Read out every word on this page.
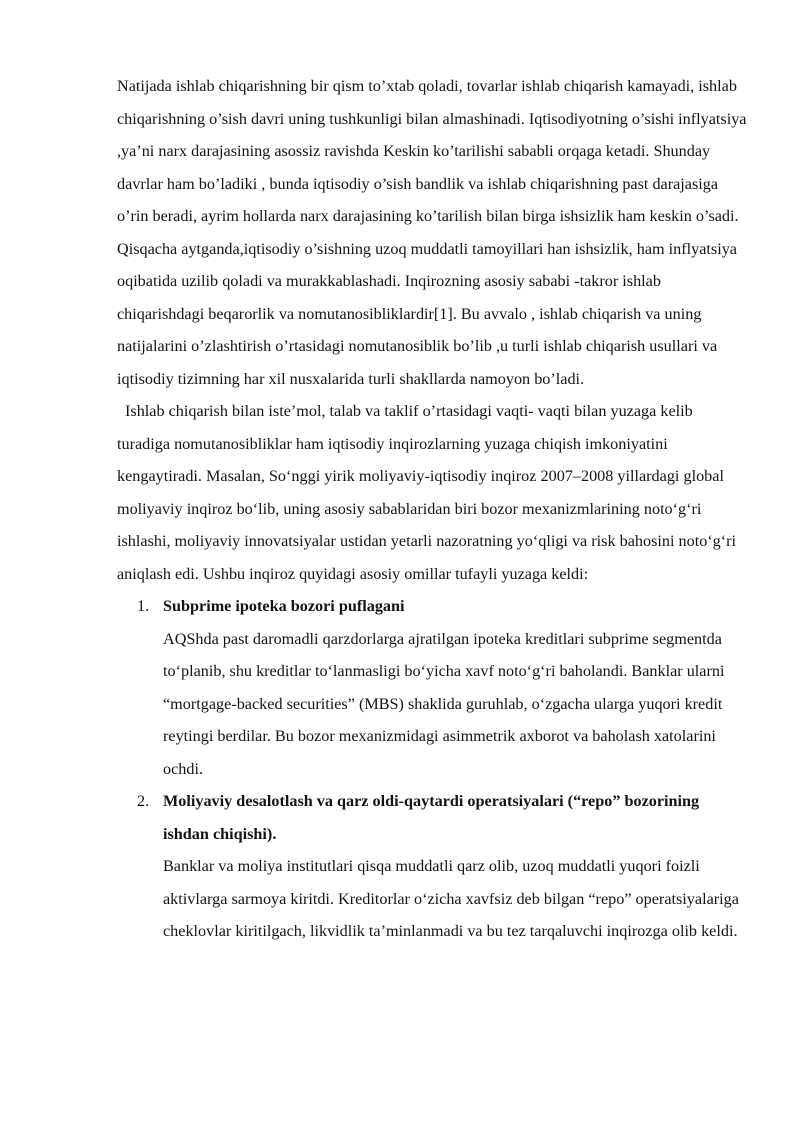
Natijada ishlab chiqarishning bir qism to’xtab qoladi, tovarlar ishlab chiqarish kamayadi, ishlab chiqarishning o’sish davri uning tushkunligi bilan almashinadi. Iqtisodiyotning o’sishi inflyatsiya ,ya’ni narx darajasining asossiz ravishda Keskin ko’tarilishi sababli orqaga ketadi. Shunday davrlar ham bo’ladiki , bunda iqtisodiy o’sish bandlik va ishlab chiqarishning past darajasiga o’rin beradi, ayrim hollarda narx darajasining ko’tarilish bilan birga ishsizlik ham keskin o’sadi. Qisqacha aytganda,iqtisodiy o’sishning uzoq muddatli tamoyillari han ishsizlik, ham inflyatsiya oqibatida uzilib qoladi va murakkablashadi. Inqirozning asosiy sababi -takror ishlab chiqarishdagi beqarorlik va nomutanosibliklardir[1]. Bu avvalo , ishlab chiqarish va uning natijalarini o’zlashtirish o’rtasidagi nomutanosiblik bo’lib ,u turli ishlab chiqarish usullari va iqtisodiy tizimning har xil nusxalarida turli shakllarda namoyon bo’ladi.

Ishlab chiqarish bilan iste’mol, talab va taklif o’rtasidagi vaqti- vaqti bilan yuzaga kelib turadiga nomutanosibliklar ham iqtisodiy inqirozlarning yuzaga chiqish imkoniyatini kengaytiradi. Masalan, So‘nggi yirik moliyaviy-iqtisodiy inqiroz 2007–2008 yillardagi global moliyaviy inqiroz bo‘lib, uning asosiy sabablaridan biri bozor mexanizmlarining noto‘g‘ri ishlashi, moliyaviy innovatsiyalar ustidan yetarli nazoratning yo‘qligi va risk bahosini noto‘g‘ri aniqlash edi. Ushbu inqiroz quyidagi asosiy omillar tufayli yuzaga keldi:

1. Subprime ipoteka bozori puflagani

AQShda past daromadli qarzdorlarga ajratilgan ipoteka kreditlari subprime segmentda to‘planib, shu kreditlar to‘lanmasligi bo‘yicha xavf noto‘g‘ri baholandi. Banklar ularni “mortgage-backed securities” (MBS) shaklida guruhlab, o‘zgacha ularga yuqori kredit reytingi berdilar. Bu bozor mexanizmidagi asimmetrik axborot va baholash xatolarini ochdi.

2. Moliyaviy desalotlash va qarz oldi-qaytardi operatsiyalari (“repo” bozorining ishdan chiqishi).

Banklar va moliya institutlari qisqa muddatli qarz olib, uzoq muddatli yuqori foizli aktivlarga sarmoya kiritdi. Kreditorlar o‘zicha xavfsiz deb bilgan “repo” operatsiyalariga cheklovlar kiritilgach, likvidlik ta’minlanmadi va bu tez tarqaluvchi inqirozga olib keldi.
